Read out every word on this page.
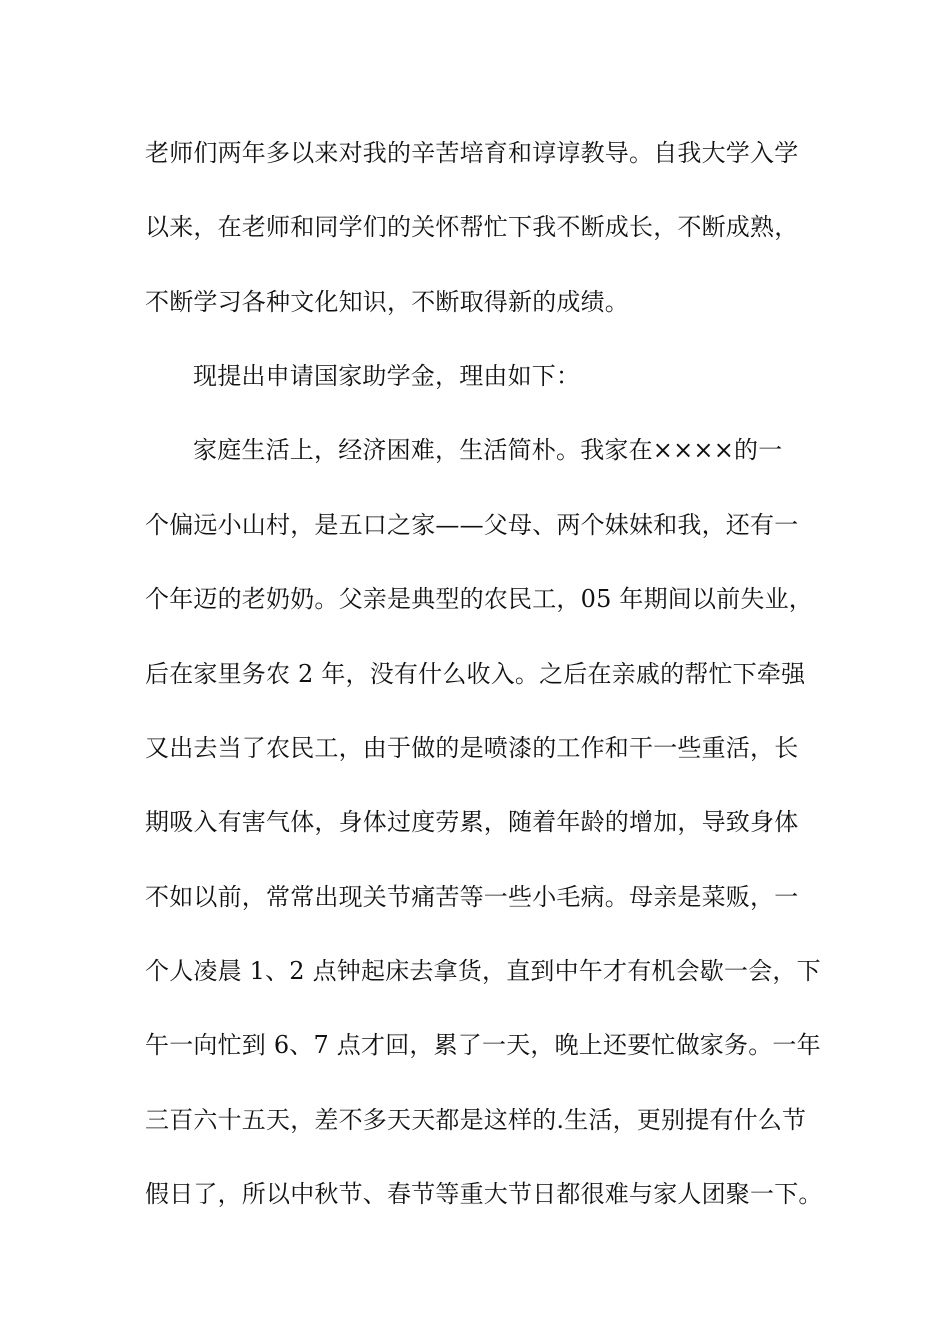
老师们两年多以来对我的辛苦培育和谆谆教导。自我大学入学
以来，在老师和同学们的关怀帮忙下我不断成长，不断成熟，
不断学习各种文化知识，不断取得新的成绩。
现提出申请国家助学金，理由如下：
家庭生活上，经济困难，生活简朴。我家在××××的一
个偏远小山村，是五口之家——父母、两个妹妹和我，还有一
个年迈的老奶奶。父亲是典型的农民工，05 年期间以前失业，
后在家里务农 2 年，没有什么收入。之后在亲戚的帮忙下牵强
又出去当了农民工，由于做的是喷漆的工作和干一些重活，长
期吸入有害气体，身体过度劳累，随着年龄的增加，导致身体
不如以前，常常出现关节痛苦等一些小毛病。母亲是菜贩，一
个人凌晨 1、2 点钟起床去拿货，直到中午才有机会歇一会，下
午一向忙到 6、7 点才回，累了一天，晚上还要忙做家务。一年
三百六十五天，差不多天天都是这样的.生活，更别提有什么节
假日了，所以中秋节、春节等重大节日都很难与家人团聚一下。
